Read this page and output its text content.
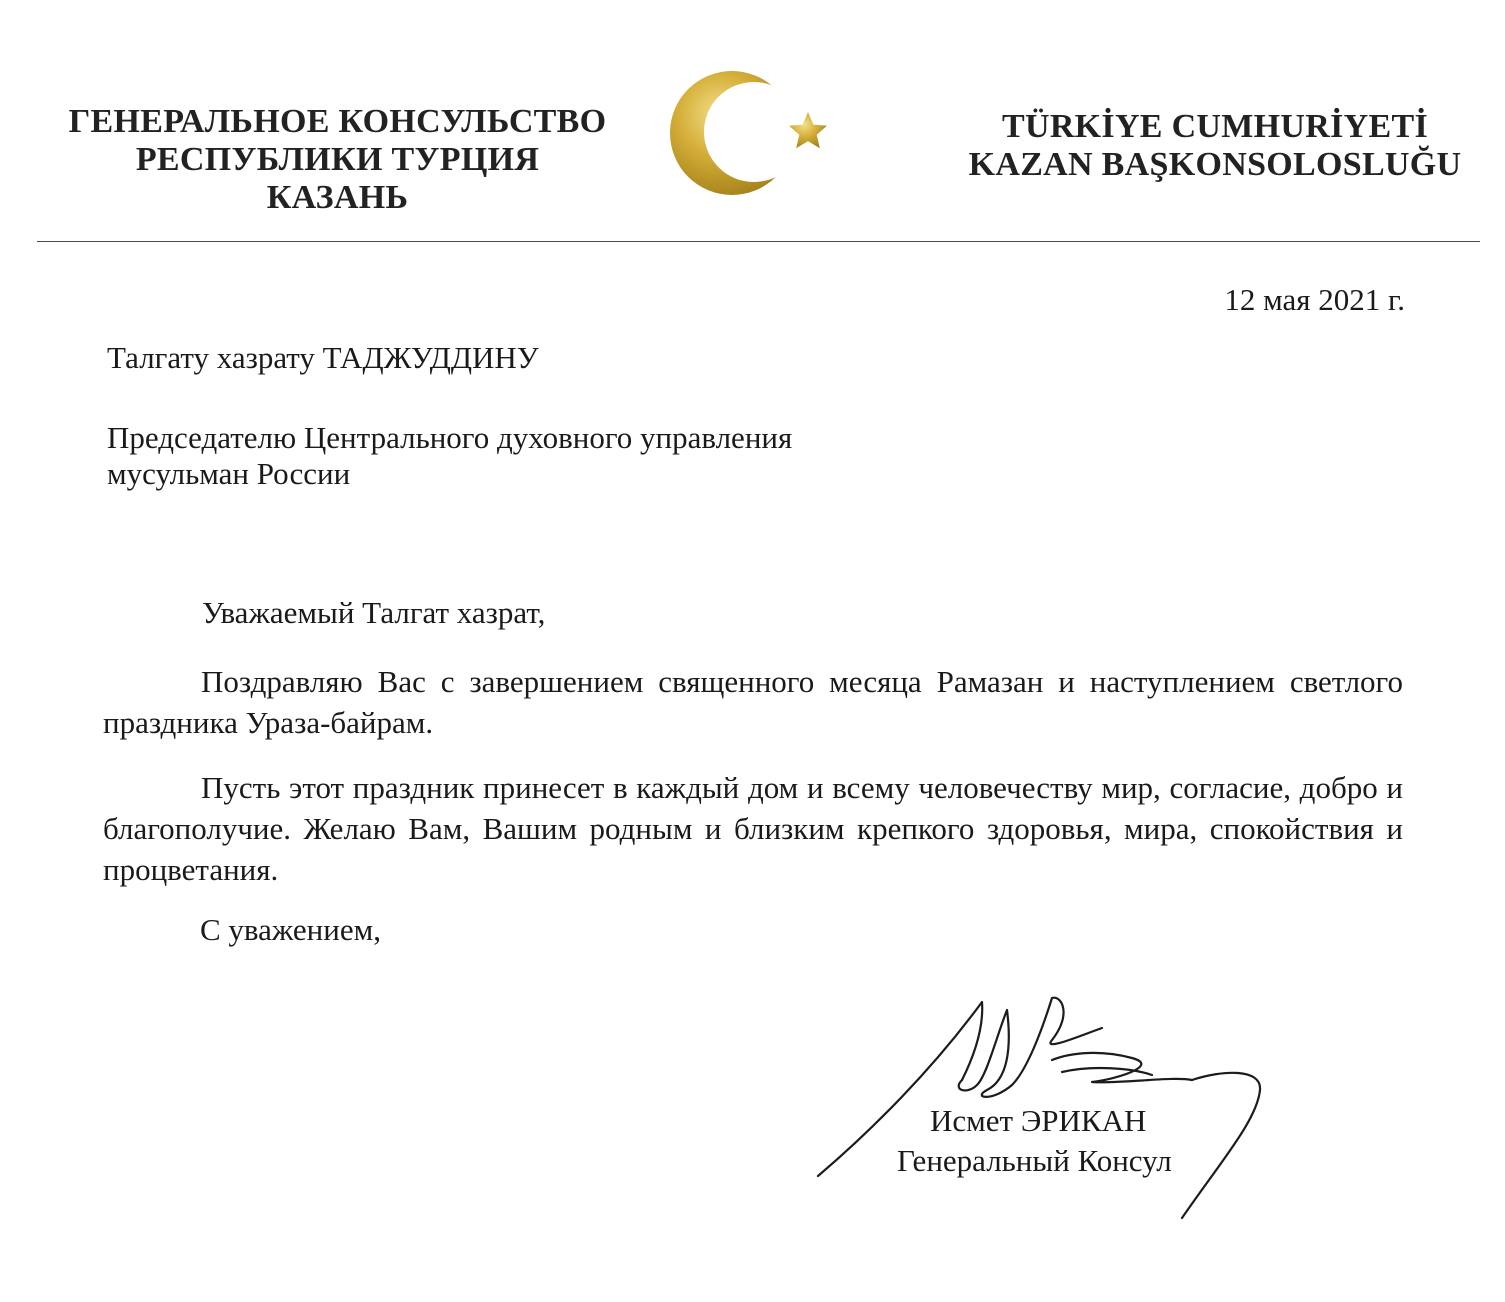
ГЕНЕРАЛЬНОЕ КОНСУЛЬСТВО
РЕСПУБЛИКИ ТУРЦИЯ
КАЗАНЬ
TÜRKİYE CUMHURİYETİ
KAZAN BAŞKONSOLOSLUĞU
12 мая 2021 г.
Талгату хазрату ТАДЖУДДИНУ
Председателю Центрального духовного управления мусульман России
Уважаемый Талгат хазрат,
Поздравляю Вас с завершением священного месяца Рамазан и наступлением светлого праздника Ураза-байрам.
Пусть этот праздник принесет в каждый дом и всему человечеству мир, согласие, добро и благополучие. Желаю Вам, Вашим родным и близким крепкого здоровья, мира, спокойствия и процветания.
С уважением,
Исмет ЭРИКАН
Генеральный Консул
